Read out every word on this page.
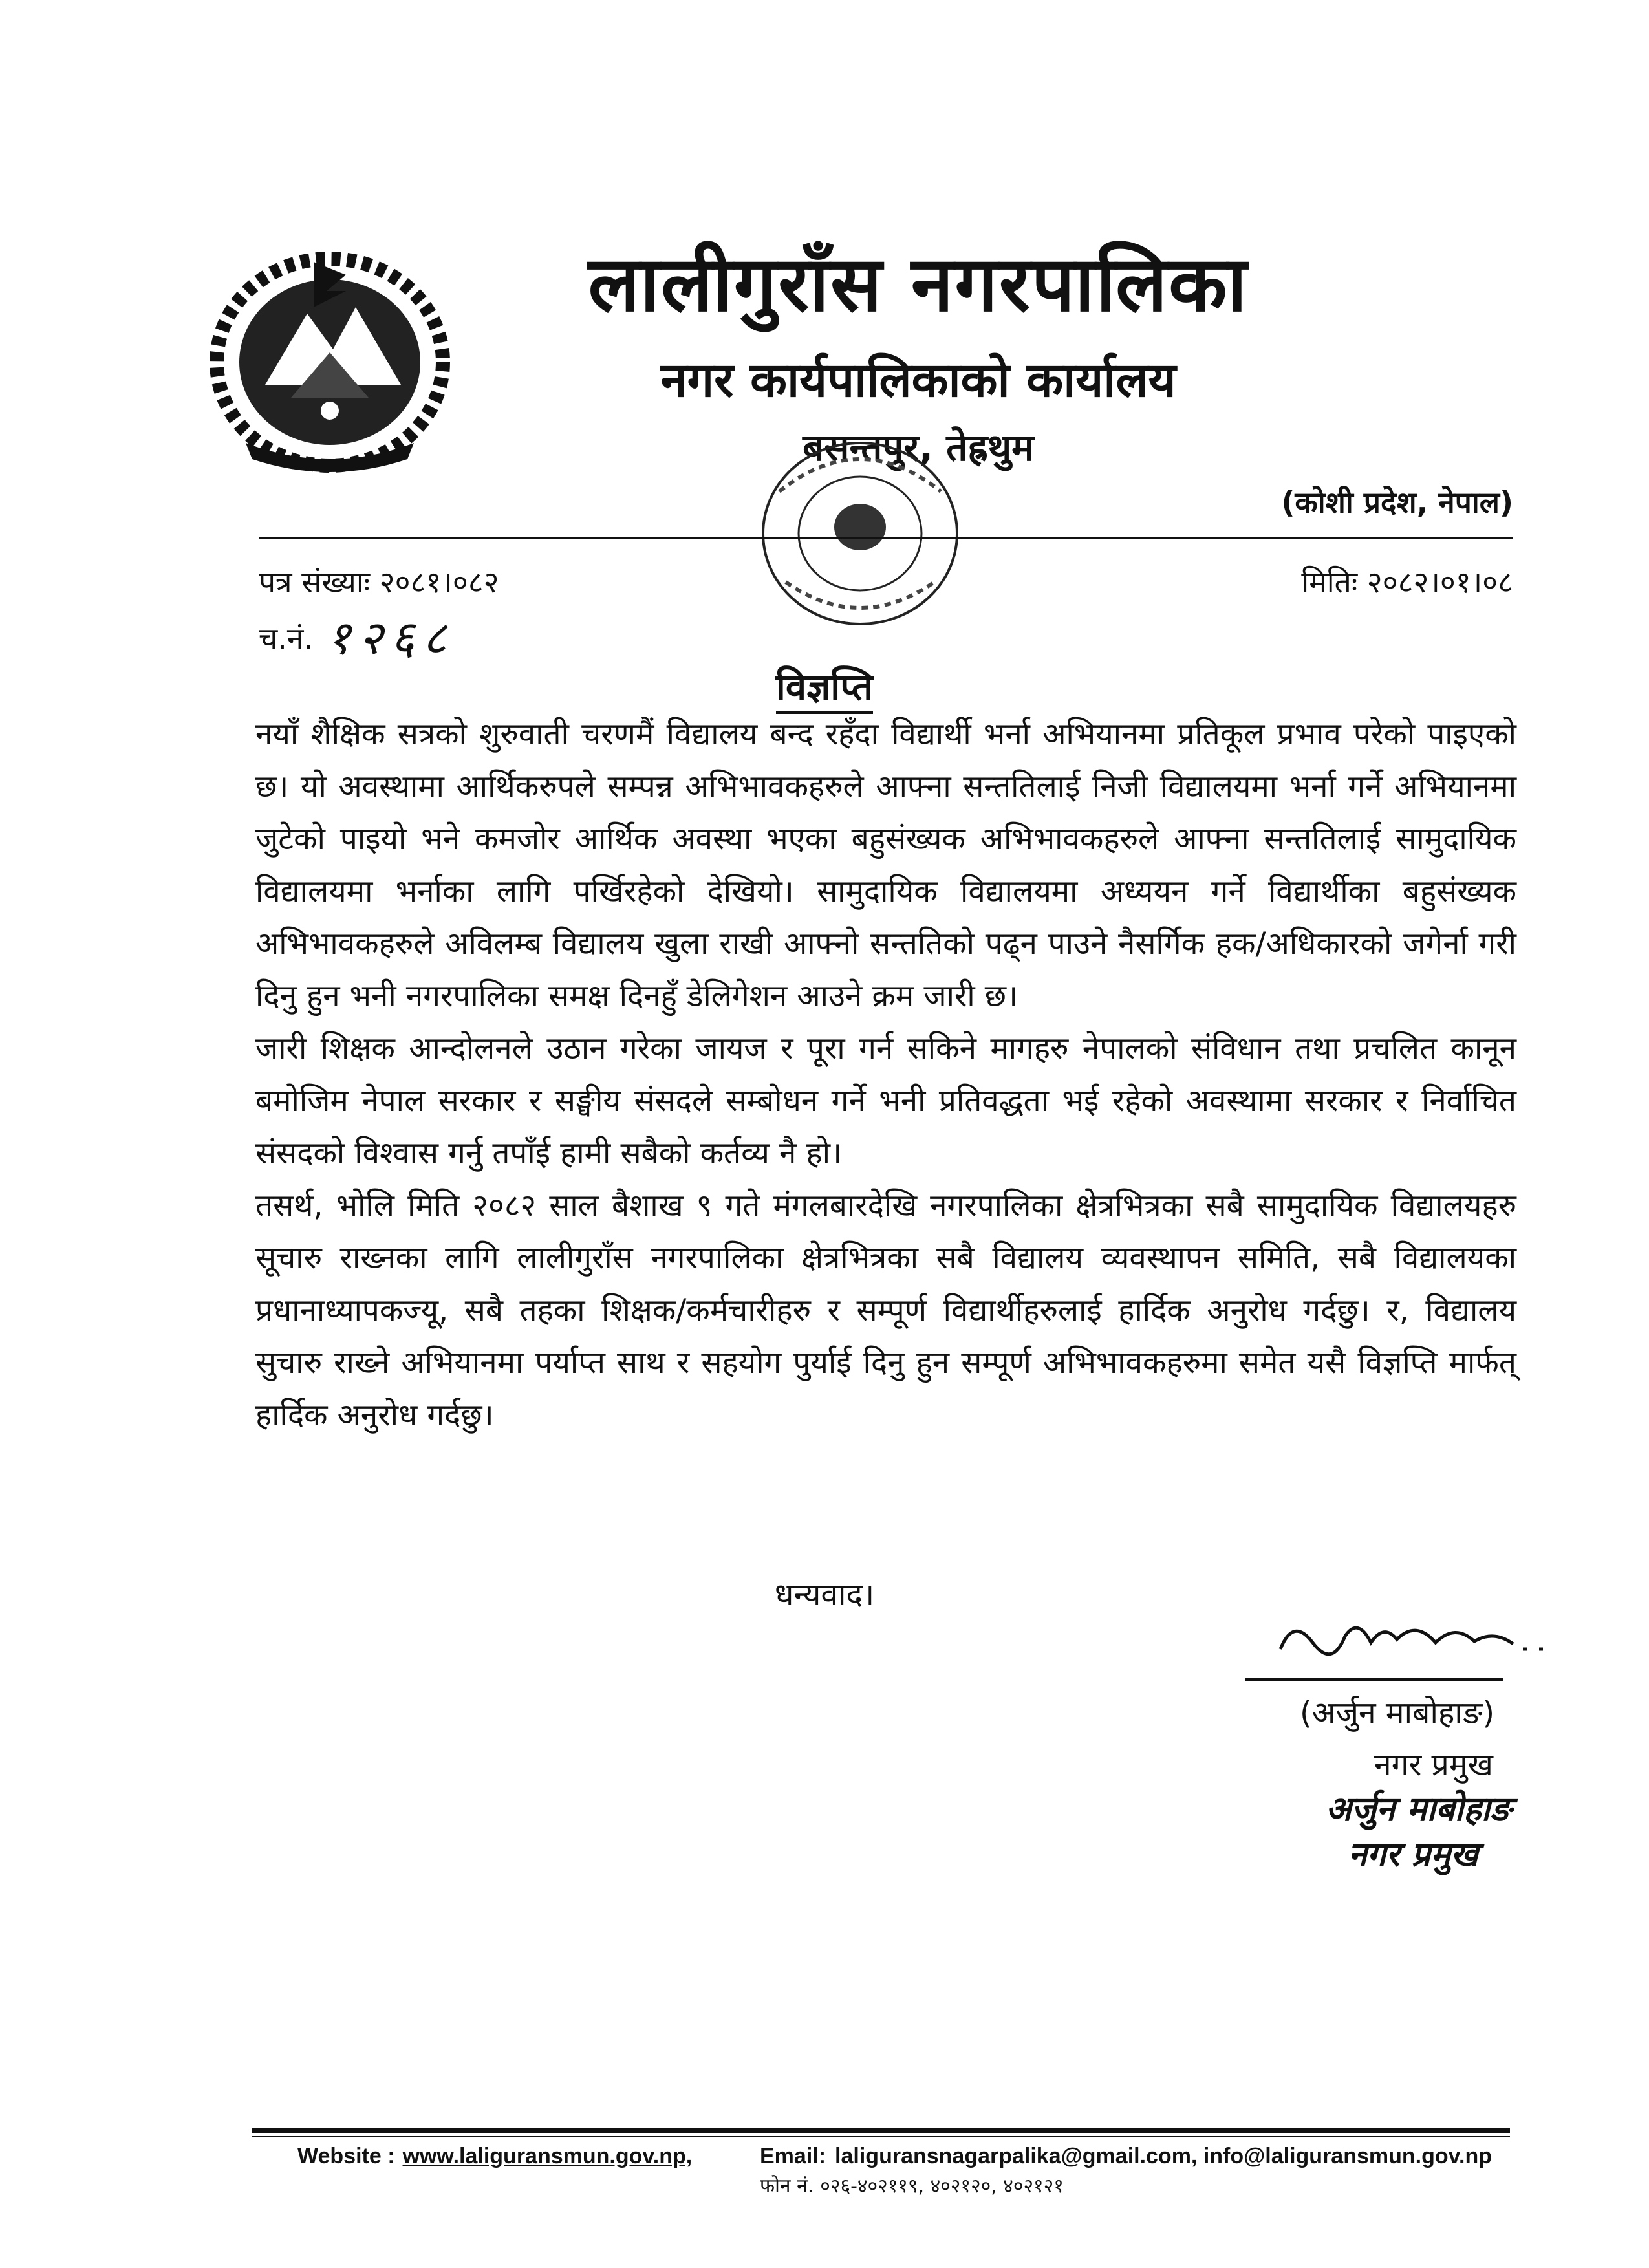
लालीगुराँस नगरपालिका
नगर कार्यपालिकाको कार्यालय
बसन्तपुर, तेह्रथुम
(कोशी प्रदेश, नेपाल)
पत्र संख्याः २०८१।०८२
च.नं. १२६८
मितिः २०८२।०१।०८
विज्ञप्ति

नयाँ शैक्षिक सत्रको शुरुवाती चरणमैं विद्यालय बन्द रहँदा विद्यार्थी भर्ना अभियानमा प्रतिकूल प्रभाव परेको पाइएको छ। यो अवस्थामा आर्थिकरुपले सम्पन्न अभिभावकहरुले आफ्ना सन्ततिलाई निजी विद्यालयमा भर्ना गर्ने अभियानमा जुटेको पाइयो भने कमजोर आर्थिक अवस्था भएका बहुसंख्यक अभिभावकहरुले आफ्ना सन्ततिलाई सामुदायिक विद्यालयमा भर्नाका लागि पर्खिरहेको देखियो। सामुदायिक विद्यालयमा अध्ययन गर्ने विद्यार्थीका बहुसंख्यक अभिभावकहरुले अविलम्ब विद्यालय खुला राखी आफ्नो सन्ततिको पढ्न पाउने नैसर्गिक हक/अधिकारको जगेर्ना गरी दिनु हुन भनी नगरपालिका समक्ष दिनहुँ डेलिगेशन आउने क्रम जारी छ।

जारी शिक्षक आन्दोलनले उठान गरेका जायज र पूरा गर्न सकिने मागहरु नेपालको संविधान तथा प्रचलित कानून बमोजिम नेपाल सरकार र सङ्घीय संसदले सम्बोधन गर्ने भनी प्रतिवद्धता भई रहेको अवस्थामा सरकार र निर्वाचित संसदको विश्वास गर्नु तपाँई हामी सबैको कर्तव्य नै हो।

तसर्थ, भोलि मिति २०८२ साल बैशाख ९ गते मंगलबारदेखि नगरपालिका क्षेत्रभित्रका सबै सामुदायिक विद्यालयहरु सूचारु राख्नका लागि लालीगुराँस नगरपालिका क्षेत्रभित्रका सबै विद्यालय व्यवस्थापन समिति, सबै विद्यालयका प्रधानाध्यापकज्यू, सबै तहका शिक्षक/कर्मचारीहरु र सम्पूर्ण विद्यार्थीहरुलाई हार्दिक अनुरोध गर्दछु। र, विद्यालय सुचारु राख्ने अभियानमा पर्याप्त साथ र सहयोग पुर्याई दिनु हुन सम्पूर्ण अभिभावकहरुमा समेत यसै विज्ञप्ति मार्फत् हार्दिक अनुरोध गर्दछु।

धन्यवाद।
(अर्जुन माबोहाङ)
नगर प्रमुख
अर्जुन माबोहाङ
नगर प्रमुख
Website : www.laliguransmun.gov.np,	Email: laliguransnagarpalika@gmail.com, info@laliguransmun.gov.np
फोन नं. ०२६-४०२११९, ४०२१२०, ४०२१२१
